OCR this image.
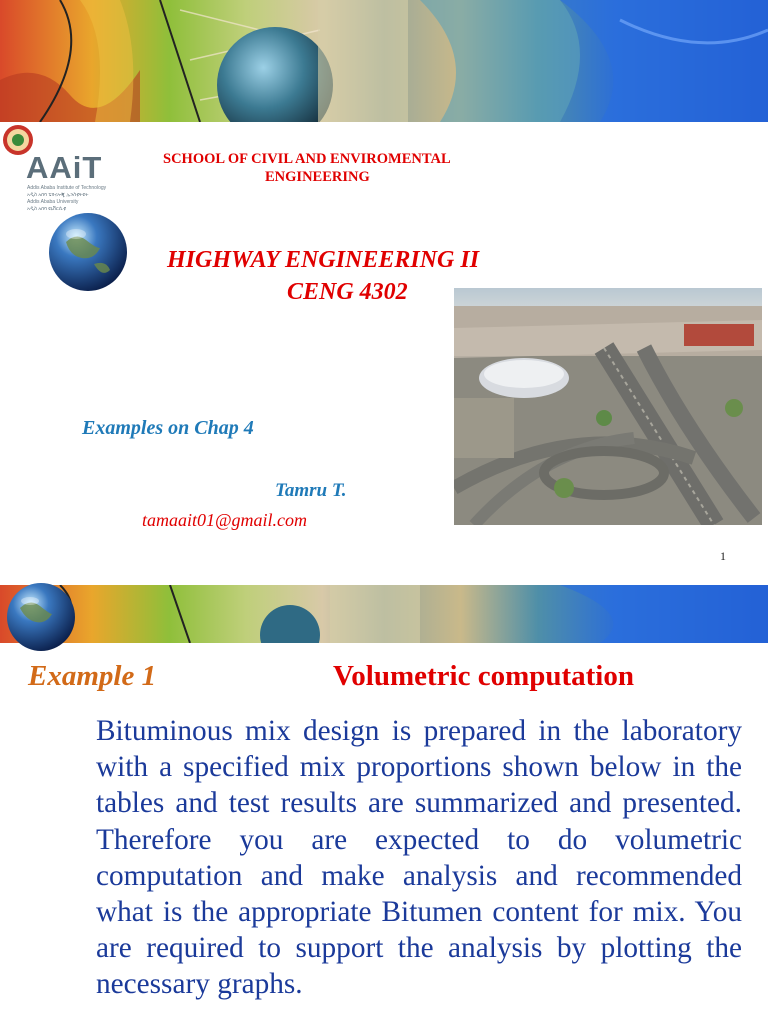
AAiT
Addis Ababa Institute of Technology
አዲስ አበባ ቴክኖሎጂ ኢንስቲትዩት
Addis Ababa University
አዲስ አበባ ዩኒቨርሲቲ
SCHOOL OF CIVIL AND ENVIROMENTAL
ENGINEERING
HIGHWAY ENGINEERING II
CENG 4302
Examples on Chap 4
Tamru T.
tamaait01@gmail.com
1
Example 1	Volumetric computation
Bituminous mix design is prepared in the laboratory with a specified mix proportions shown below in the tables and test results are summarized and presented. Therefore you are expected to do volumetric computation and make analysis and recommended what is the appropriate Bitumen content for mix. You are required to support the analysis by plotting the necessary graphs.
